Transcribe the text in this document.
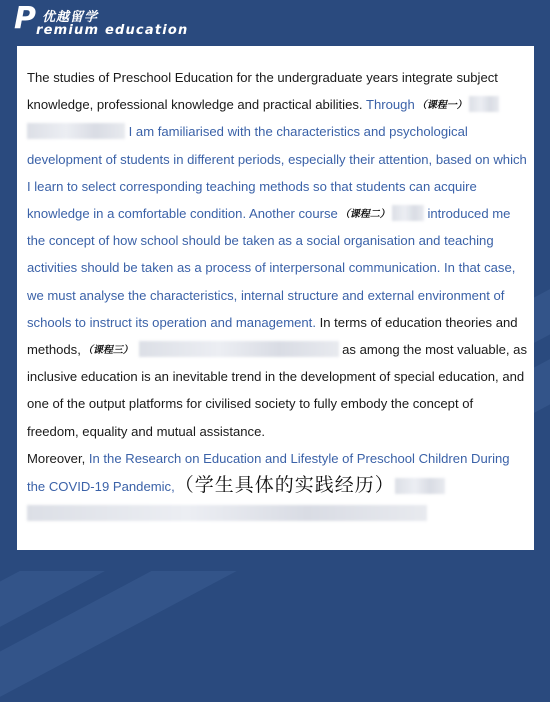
P 优越留学
remium education
The studies of Preschool Education for the undergraduate years integrate subject knowledge, professional knowledge and practical abilities. Through （课程一）  I am familiarised with the characteristics and psychological development of students in different periods, especially their attention, based on which I learn to select corresponding teaching methods so that students can acquire knowledge in a comfortable condition. Another course （课程二）	introduced me the concept of how school should be taken as a social organisation and teaching activities should be taken as a process of interpersonal communication. In that case, we must analyse the characteristics, internal structure and external environment of schools to instruct its operation and management. In terms of education theories and methods, （课程三）	as among the most valuable, as inclusive education is an inevitable trend in the development of special education, and one of the output platforms for civilised society to fully embody the concept of freedom, equality and mutual assistance.
Moreover, In the Research on Education and Lifestyle of Preschool Children During the COVID-19 Pandemic,（学生具体的实践经历）
